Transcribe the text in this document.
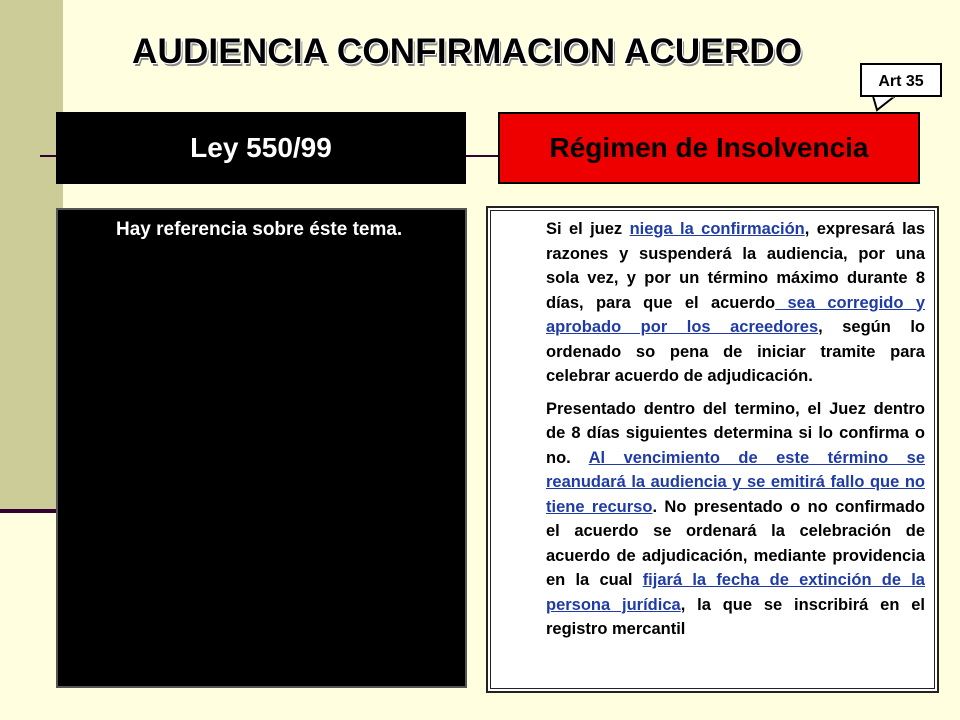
AUDIENCIA CONFIRMACION ACUERDO
Art 35
Ley 550/99	Régimen de Insolvencia

Hay referencia sobre éste tema.	Si el juez niega la confirmación, expresará las razones y suspenderá la audiencia, por una sola vez, y por un término máximo durante 8 días, para que el acuerdo sea corregido y aprobado por los acreedores, según lo ordenado so pena de iniciar tramite para celebrar acuerdo de adjudicación.

Presentado dentro del termino, el Juez dentro de 8 días siguientes determina si lo confirma o no. Al vencimiento de este término se reanudará la audiencia y se emitirá fallo que no tiene recurso. No presentado o no confirmado el acuerdo se ordenará la celebración de acuerdo de adjudicación, mediante providencia en la cual fijará la fecha de extinción de la persona jurídica, la que se inscribirá en el registro mercantil
